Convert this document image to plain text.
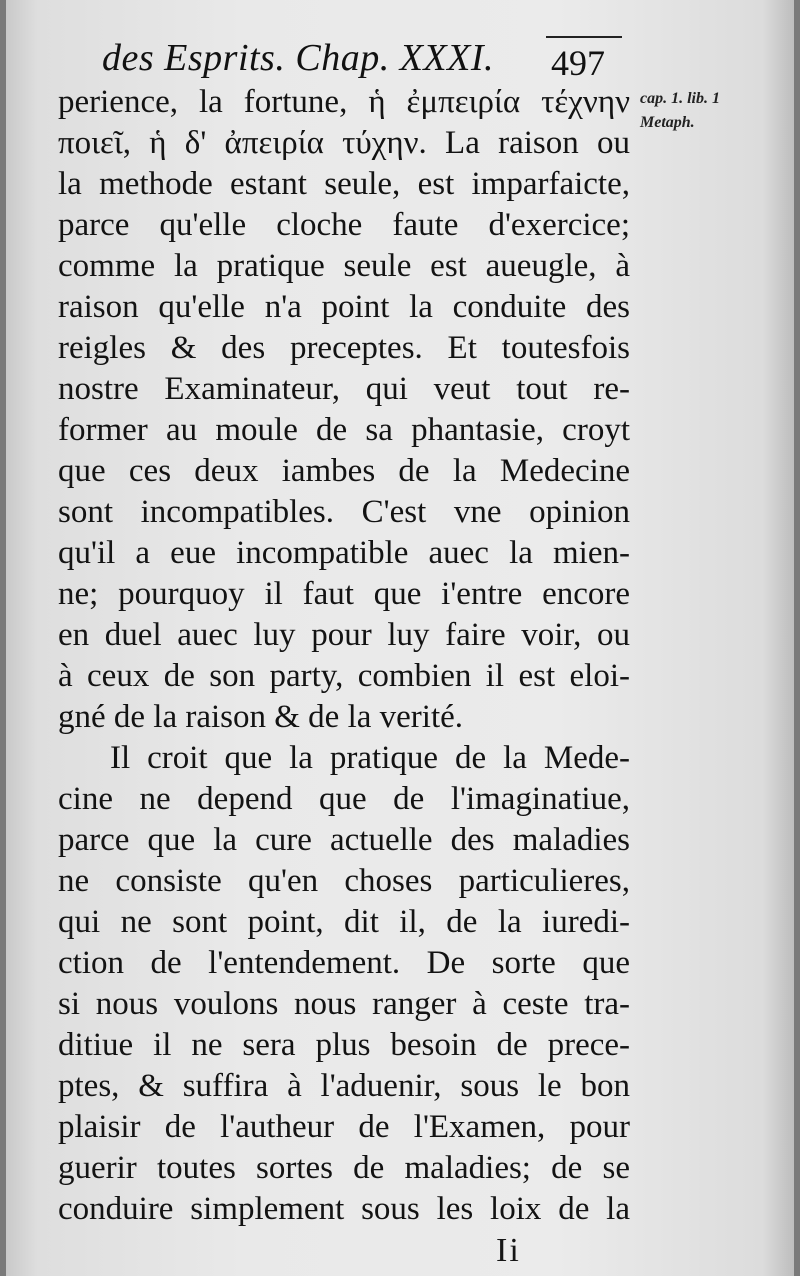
des Esprits. Chap. XXXI. 497
cap. 1. lib. 1
Metaph.
perience, la fortune, ἡ ἐμπειρία τέχνην
ποιεῖ, ἡ δ' ἀπειρία τύχην. La raison ou
la methode estant seule, est imparfaicte,
parce qu'elle cloche faute d'exercice;
comme la pratique seule est aueugle, à
raison qu'elle n'a point la conduite des
reigles & des preceptes. Et toutesfois
nostre Examinateur, qui veut tout re-
former au moule de sa phantasie, croyt
que ces deux iambes de la Medecine
sont incompatibles. C'est vne opinion
qu'il a eue incompatible auec la mien-
ne; pourquoy il faut que i'entre encore
en duel auec luy pour luy faire voir, ou
à ceux de son party, combien il est eloi-
gné de la raison & de la verité.
Il croit que la pratique de la Mede-
cine ne depend que de l'imaginatiue,
parce que la cure actuelle des maladies
ne consiste qu'en choses particulieres,
qui ne sont point, dit il, de la iuredi-
ction de l'entendement. De sorte que
si nous voulons nous ranger à ceste tra-
ditiue il ne sera plus besoin de prece-
ptes, & suffira à l'aduenir, sous le bon
plaisir de l'autheur de l'Examen, pour
guerir toutes sortes de maladies; de se
conduire simplement sous les loix de la
Ii
